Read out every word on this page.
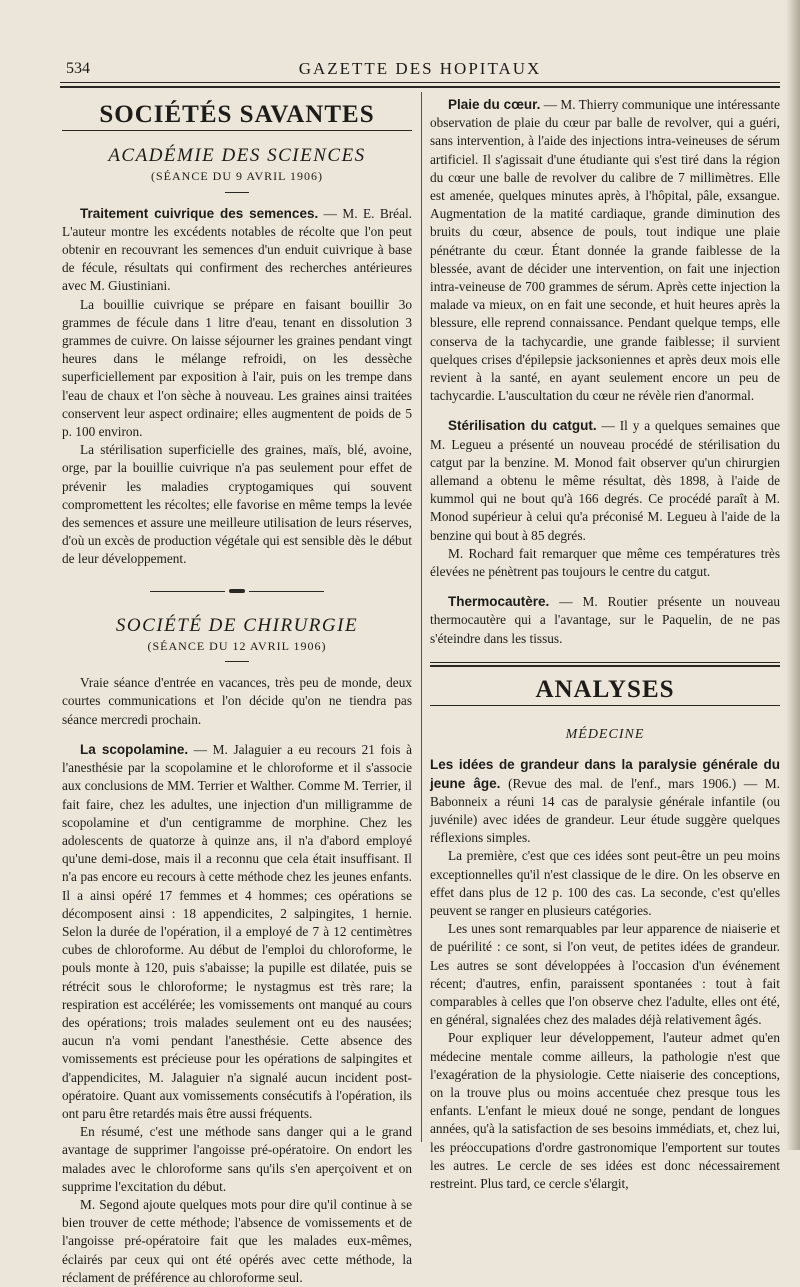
534	GAZETTE DES HOPITAUX
SOCIÉTÉS SAVANTES
ACADÉMIE DES SCIENCES
(SÉANCE DU 9 AVRIL 1906)

Traitement cuivrique des semences. — M. E. Bréal. L'auteur montre les excédents notables de récolte que l'on peut obtenir en recouvrant les semences d'un enduit cuivrique à base de fécule, résultats qui confirment des recherches antérieures avec M. Giustiniani.

La bouillie cuivrique se prépare en faisant bouillir 3o grammes de fécule dans 1 litre d'eau, tenant en dissolution 3 grammes de cuivre. On laisse séjourner les graines pendant vingt heures dans le mélange refroidi, on les dessèche superficiellement par exposition à l'air, puis on les trempe dans l'eau de chaux et l'on sèche à nouveau. Les graines ainsi traitées conservent leur aspect ordinaire; elles augmentent de poids de 5 p. 100 environ.

La stérilisation superficielle des graines, maïs, blé, avoine, orge, par la bouillie cuivrique n'a pas seulement pour effet de prévenir les maladies cryptogamiques qui souvent compromettent les récoltes; elle favorise en même temps la levée des semences et assure une meilleure utilisation de leurs réserves, d'où un excès de production végétale qui est sensible dès le début de leur développement.

SOCIÉTÉ DE CHIRURGIE
(SÉANCE DU 12 AVRIL 1906)

Vraie séance d'entrée en vacances, très peu de monde, deux courtes communications et l'on décide qu'on ne tiendra pas séance mercredi prochain.

La scopolamine. — M. Jalaguier a eu recours 21 fois à l'anesthésie par la scopolamine et le chloroforme et il s'associe aux conclusions de MM. Terrier et Walther. Comme M. Terrier, il fait faire, chez les adultes, une injection d'un milligramme de scopolamine et d'un centigramme de morphine. Chez les adolescents de quatorze à quinze ans, il n'a d'abord employé qu'une demi-dose, mais il a reconnu que cela était insuffisant. Il n'a pas encore eu recours à cette méthode chez les jeunes enfants. Il a ainsi opéré 17 femmes et 4 hommes; ces opérations se décomposent ainsi : 18 appendicites, 2 salpingites, 1 hernie. Selon la durée de l'opération, il a employé de 7 à 12 centimètres cubes de chloroforme. Au début de l'emploi du chloroforme, le pouls monte à 120, puis s'abaisse; la pupille est dilatée, puis se rétrécit sous le chloroforme; le nystagmus est très rare; la respiration est accélérée; les vomissements ont manqué au cours des opérations; trois malades seulement ont eu des nausées; aucun n'a vomi pendant l'anesthésie. Cette absence des vomissements est précieuse pour les opérations de salpingites et d'appendicites, M. Jalaguier n'a signalé aucun incident post-opératoire. Quant aux vomissements consécutifs à l'opération, ils ont paru être retardés mais être aussi fréquents.

En résumé, c'est une méthode sans danger qui a le grand avantage de supprimer l'angoisse pré-opératoire. On endort les malades avec le chloroforme sans qu'ils s'en aperçoivent et on supprime l'excitation du début.

M. Segond ajoute quelques mots pour dire qu'il continue à se bien trouver de cette méthode; l'absence de vomissements et de l'angoisse pré-opératoire fait que les malades eux-mêmes, éclairés par ceux qui ont été opérés avec cette méthode, la réclament de préférence au chloroforme seul.

Plaie du cœur. — M. Thierry communique une intéressante observation de plaie du cœur par balle de revolver, qui a guéri, sans intervention, à l'aide des injections intra-veineuses de sérum artificiel. Il s'agissait d'une étudiante qui s'est tiré dans la région du cœur une balle de revolver du calibre de 7 millimètres. Elle est amenée, quelques minutes après, à l'hôpital, pâle, exsangue. Augmentation de la matité cardiaque, grande diminution des bruits du cœur, absence de pouls, tout indique une plaie pénétrante du cœur. Étant donnée la grande faiblesse de la blessée, avant de décider une intervention, on fait une injection intra-veineuse de 700 grammes de sérum. Après cette injection la malade va mieux, on en fait une seconde, et huit heures après la blessure, elle reprend connaissance. Pendant quelque temps, elle conserva de la tachycardie, une grande faiblesse; il survient quelques crises d'épilepsie jacksoniennes et après deux mois elle revient à la santé, en ayant seulement encore un peu de tachycardie. L'auscultation du cœur ne révèle rien d'anormal.

Stérilisation du catgut. — Il y a quelques semaines que M. Legueu a présenté un nouveau procédé de stérilisation du catgut par la benzine. M. Monod fait observer qu'un chirurgien allemand a obtenu le même résultat, dès 1898, à l'aide de kummol qui ne bout qu'à 166 degrés. Ce procédé paraît à M. Monod supérieur à celui qu'a préconisé M. Legueu à l'aide de la benzine qui bout à 85 degrés.

M. Rochard fait remarquer que même ces températures très élevées ne pénètrent pas toujours le centre du catgut.

Thermocautère. — M. Routier présente un nouveau thermocautère qui a l'avantage, sur le Paquelin, de ne pas s'éteindre dans les tissus.

ANALYSES
MÉDECINE

Les idées de grandeur dans la paralysie générale du jeune âge. (Revue des mal. de l'enf., mars 1906.) — M. Babonneix a réuni 14 cas de paralysie générale infantile (ou juvénile) avec idées de grandeur. Leur étude suggère quelques réflexions simples.

La première, c'est que ces idées sont peut-être un peu moins exceptionnelles qu'il n'est classique de le dire. On les observe en effet dans plus de 12 p. 100 des cas. La seconde, c'est qu'elles peuvent se ranger en plusieurs catégories.

Les unes sont remarquables par leur apparence de niaiserie et de puérilité : ce sont, si l'on veut, de petites idées de grandeur. Les autres se sont développées à l'occasion d'un événement récent; d'autres, enfin, paraissent spontanées : tout à fait comparables à celles que l'on observe chez l'adulte, elles ont été, en général, signalées chez des malades déjà relativement âgés.

Pour expliquer leur développement, l'auteur admet qu'en médecine mentale comme ailleurs, la pathologie n'est que l'exagération de la physiologie. Cette niaiserie des conceptions, on la trouve plus ou moins accentuée chez presque tous les enfants. L'enfant le mieux doué ne songe, pendant de longues années, qu'à la satisfaction de ses besoins immédiats, et, chez lui, les préoccupations d'ordre gastronomique l'emportent sur toutes les autres. Le cercle de ses idées est donc nécessairement restreint. Plus tard, ce cercle s'élargit,
